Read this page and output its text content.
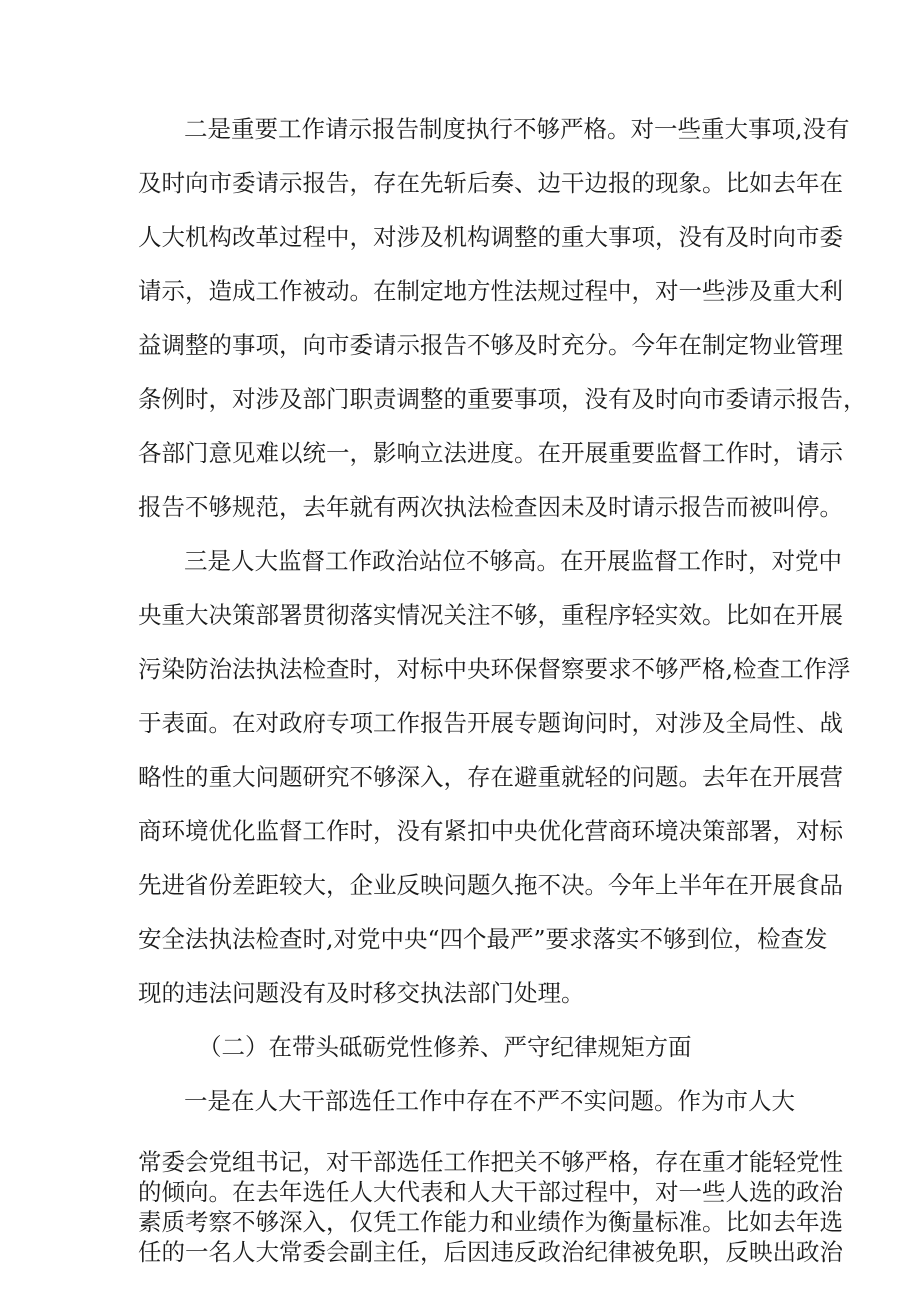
二是重要工作请示报告制度执行不够严格。对一些重大事项,没有
及时向市委请示报告，存在先斩后奏、边干边报的现象。比如去年在
人大机构改革过程中，对涉及机构调整的重大事项，没有及时向市委
请示，造成工作被动。在制定地方性法规过程中，对一些涉及重大利
益调整的事项，向市委请示报告不够及时充分。今年在制定物业管理
条例时，对涉及部门职责调整的重要事项，没有及时向市委请示报告，
各部门意见难以统一，影响立法进度。在开展重要监督工作时，请示
报告不够规范，去年就有两次执法检查因未及时请示报告而被叫停。
三是人大监督工作政治站位不够高。在开展监督工作时，对党中
央重大决策部署贯彻落实情况关注不够，重程序轻实效。比如在开展
污染防治法执法检查时，对标中央环保督察要求不够严格,检查工作浮
于表面。在对政府专项工作报告开展专题询问时，对涉及全局性、战
略性的重大问题研究不够深入，存在避重就轻的问题。去年在开展营
商环境优化监督工作时，没有紧扣中央优化营商环境决策部署，对标
先进省份差距较大，企业反映问题久拖不决。今年上半年在开展食品
安全法执法检查时,对党中央“四个最严”要求落实不够到位，检查发
现的违法问题没有及时移交执法部门处理。
（二）在带头砥砺党性修养、严守纪律规矩方面
一是在人大干部选任工作中存在不严不实问题。作为市人大
常委会党组书记，对干部选任工作把关不够严格，存在重才能轻党性
的倾向。在去年选任人大代表和人大干部过程中，对一些人选的政治
素质考察不够深入，仅凭工作能力和业绩作为衡量标准。比如去年选
任的一名人大常委会副主任，后因违反政治纪律被免职，反映出政治
